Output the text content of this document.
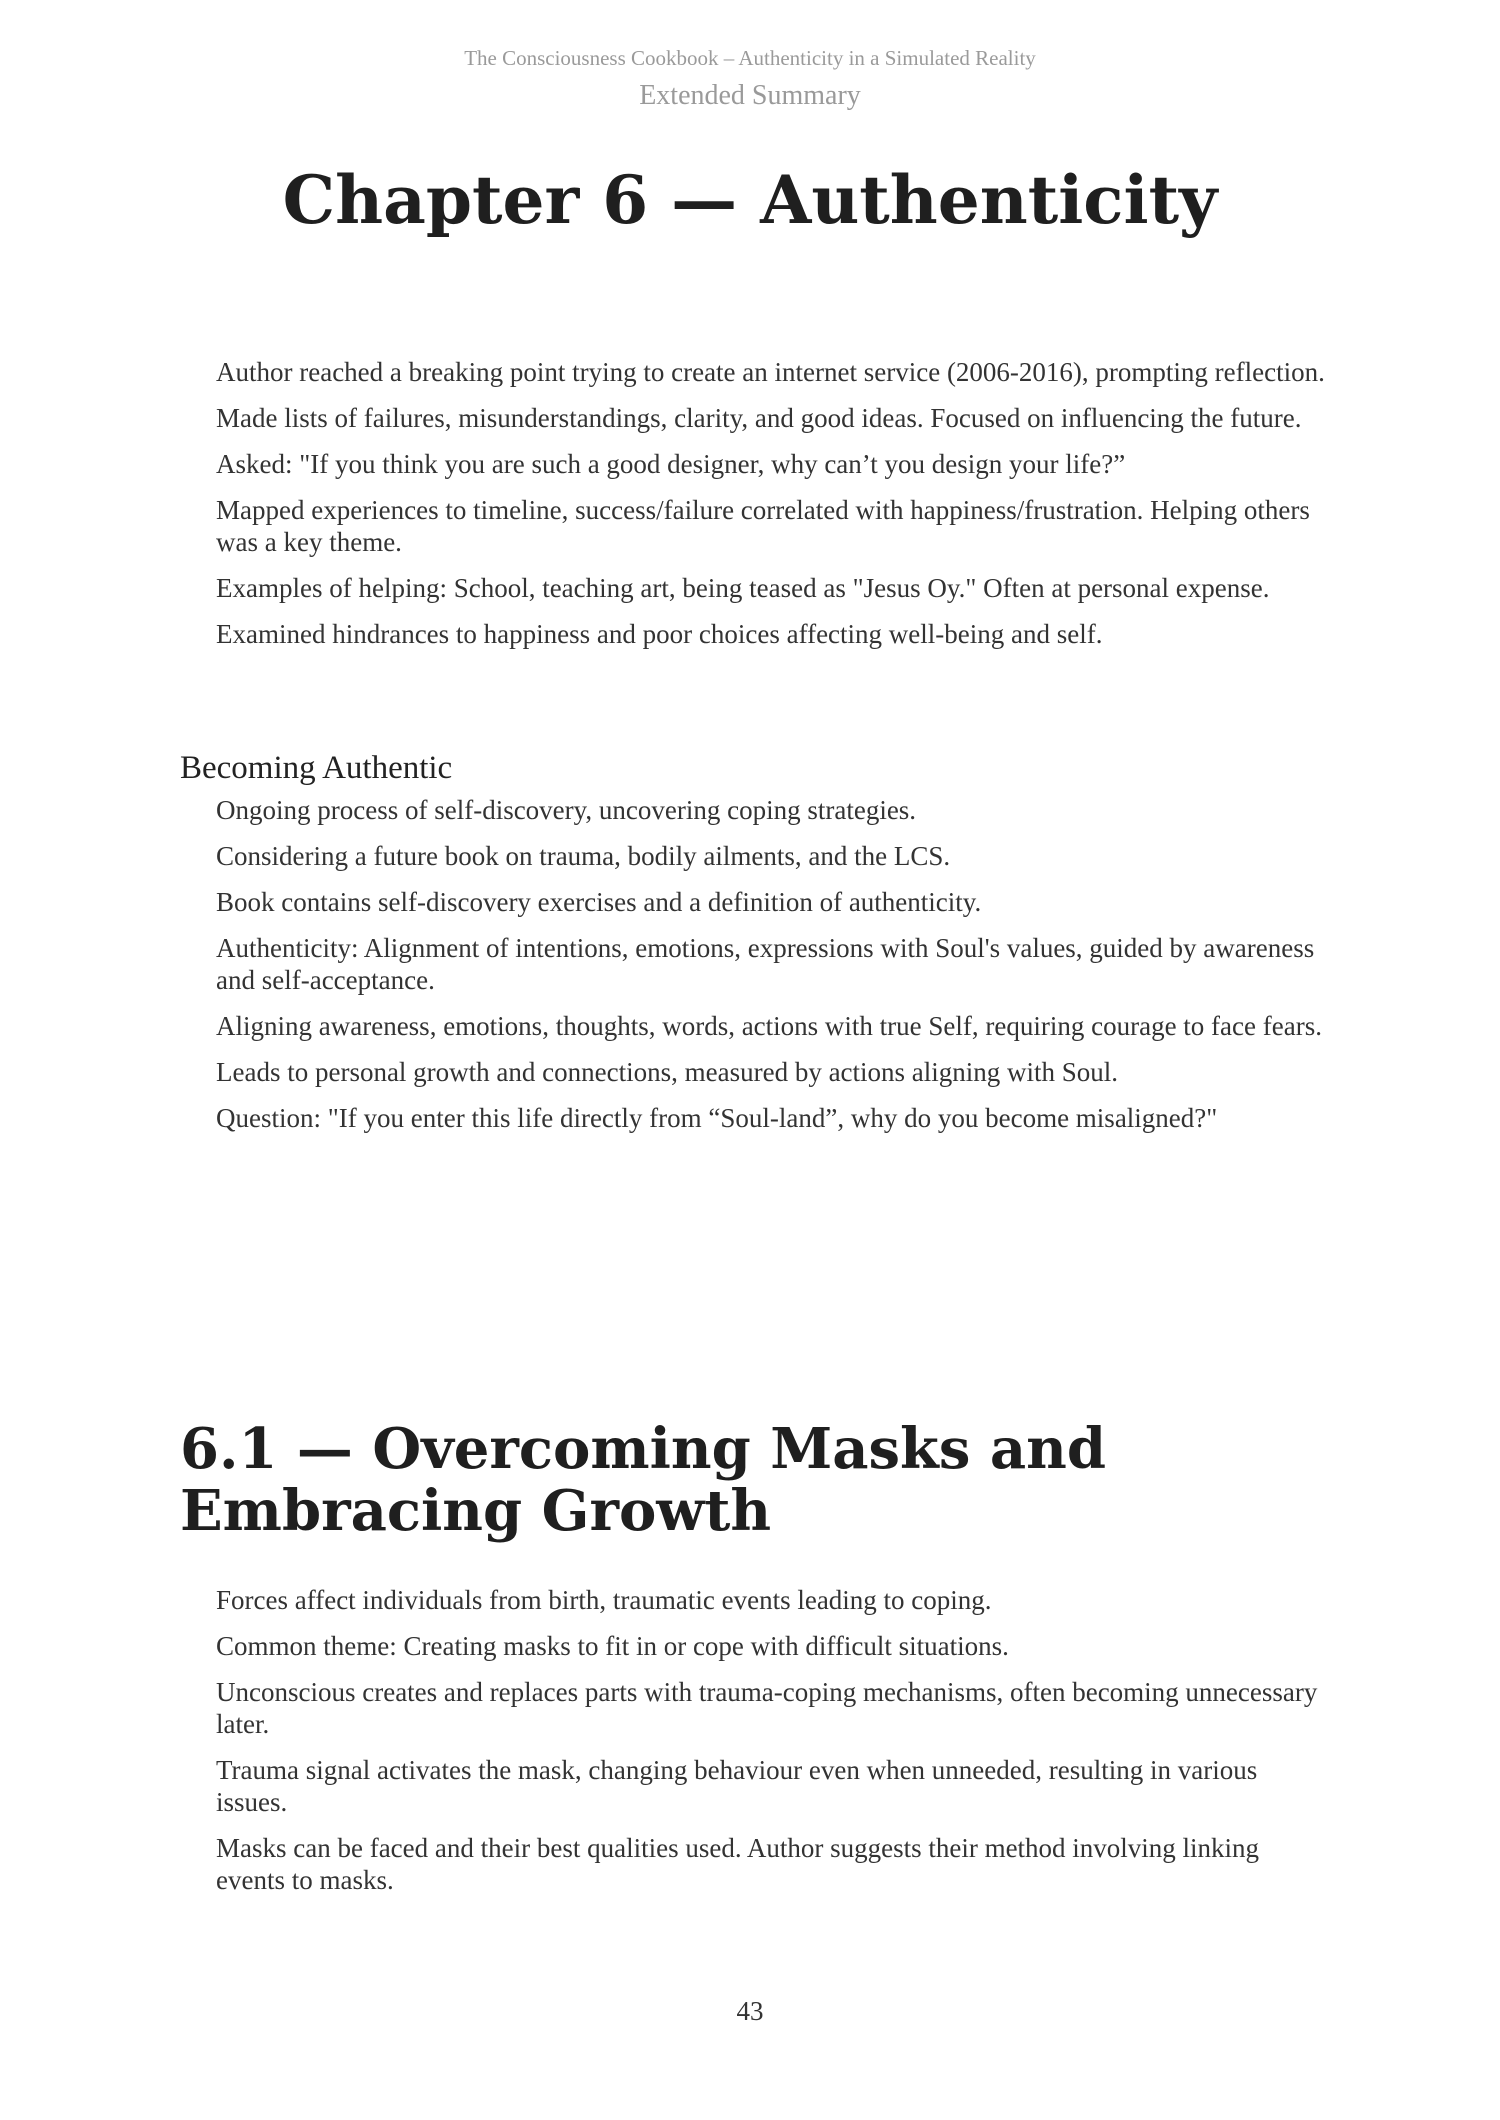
The Consciousness Cookbook – Authenticity in a Simulated Reality
Extended Summary
Chapter 6 — Authenticity
Author reached a breaking point trying to create an internet service (2006-2016), prompting reflection.
Made lists of failures, misunderstandings, clarity, and good ideas. Focused on influencing the future.
Asked: "If you think you are such a good designer, why can’t you design your life?”
Mapped experiences to timeline, success/failure correlated with happiness/frustration. Helping others was a key theme.
Examples of helping: School, teaching art, being teased as "Jesus Oy." Often at personal expense.
Examined hindrances to happiness and poor choices affecting well-being and self.
Becoming Authentic
Ongoing process of self-discovery, uncovering coping strategies.
Considering a future book on trauma, bodily ailments, and the LCS.
Book contains self-discovery exercises and a definition of authenticity.
Authenticity: Alignment of intentions, emotions, expressions with Soul's values, guided by awareness and self-acceptance.
Aligning awareness, emotions, thoughts, words, actions with true Self, requiring courage to face fears.
Leads to personal growth and connections, measured by actions aligning with Soul.
Question: "If you enter this life directly from “Soul-land”, why do you become misaligned?"
6.1 — Overcoming Masks and Embracing Growth
Forces affect individuals from birth, traumatic events leading to coping.
Common theme: Creating masks to fit in or cope with difficult situations.
Unconscious creates and replaces parts with trauma-coping mechanisms, often becoming unnecessary later.
Trauma signal activates the mask, changing behaviour even when unneeded, resulting in various issues.
Masks can be faced and their best qualities used. Author suggests their method involving linking events to masks.
43
